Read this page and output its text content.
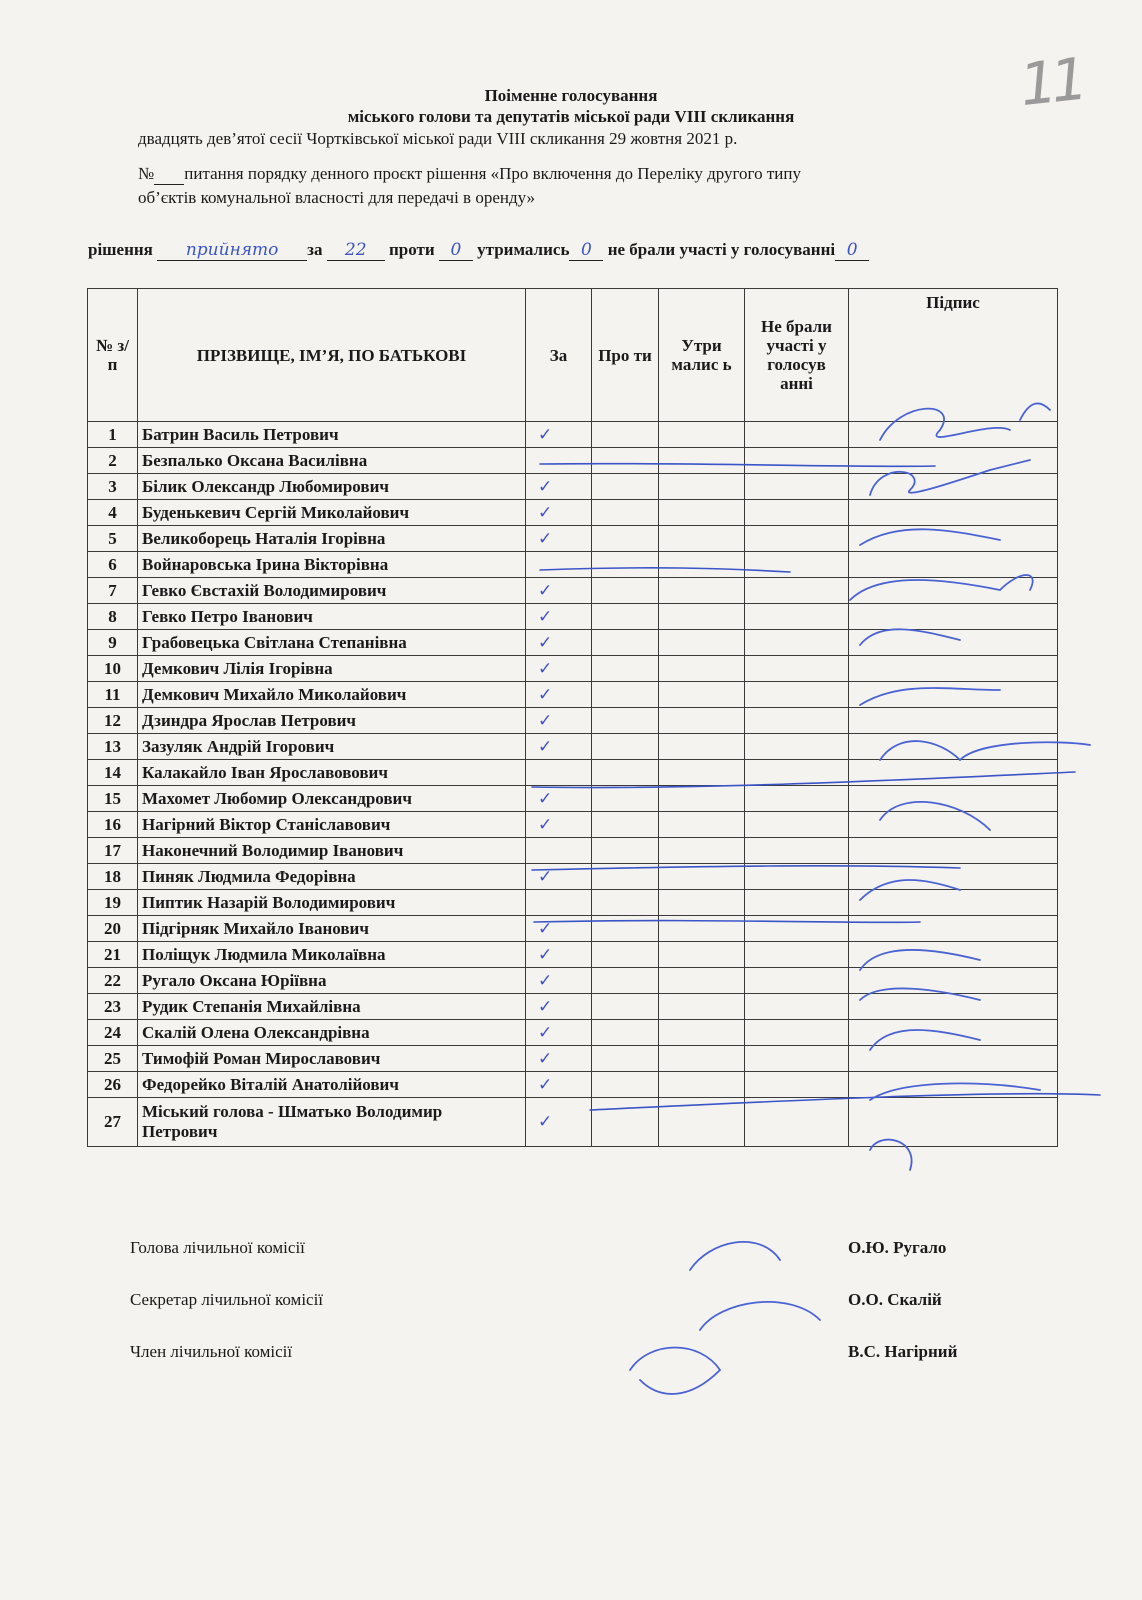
11
Поіменне голосування
міського голови та депутатів міської ради VIII скликання
двадцять дев’ятої сесії Чортківської міської ради VIII скликання 29 жовтня 2021 р.
№ питання порядку денного проєкт рішення «Про включення до Переліку другого типу
об’єктів комунальної власності для передачі в оренду»
рішення прийнято за 22 проти 0 утримались 0 не брали участі у голосуванні 0
№ з/п	ПРІЗВИЩЕ, ІМ’Я, ПО БАТЬКОВІ	За	Про ти	Утри малис ь	Не брали участі у голосув анні	Підпис
1	Батрин Василь Петрович	✓				
2	Безпалько Оксана Василівна					
3	Білик Олександр Любомирович	✓				
4	Буденькевич Сергій Миколайович	✓				
5	Великоборець Наталія Ігорівна	✓				
6	Войнаровська Ірина Вікторівна					
7	Гевко Євстахій Володимирович	✓				
8	Гевко Петро Іванович	✓				
9	Грабовецька Світлана Степанівна	✓				
10	Демкович Лілія Ігорівна	✓				
11	Демкович Михайло Миколайович	✓				
12	Дзиндра Ярослав Петрович	✓				
13	Зазуляк Андрій Ігорович	✓				
14	Калакайло Іван Ярославовович					
15	Махомет Любомир Олександрович	✓				
16	Нагірний Віктор Станіславович	✓				
17	Наконечний Володимир Іванович					
18	Пиняк Людмила Федорівна	✓				
19	Пиптик Назарій Володимирович					
20	Підгірняк Михайло Іванович	✓				
21	Поліщук Людмила Миколаївна	✓				
22	Ругало Оксана Юріївна	✓				
23	Рудик Степанія Михайлівна	✓				
24	Скалій Олена Олександрівна	✓				
25	Тимофій Роман Мирославович	✓				
26	Федорейко Віталій Анатолійович	✓				
27	Міський голова - Шматько Володимир Петрович	✓				
Голова лічильної комісії	О.Ю. Ругало
Секретар лічильної комісії	О.О. Скалій
Член лічильної комісії	В.С. Нагірний
